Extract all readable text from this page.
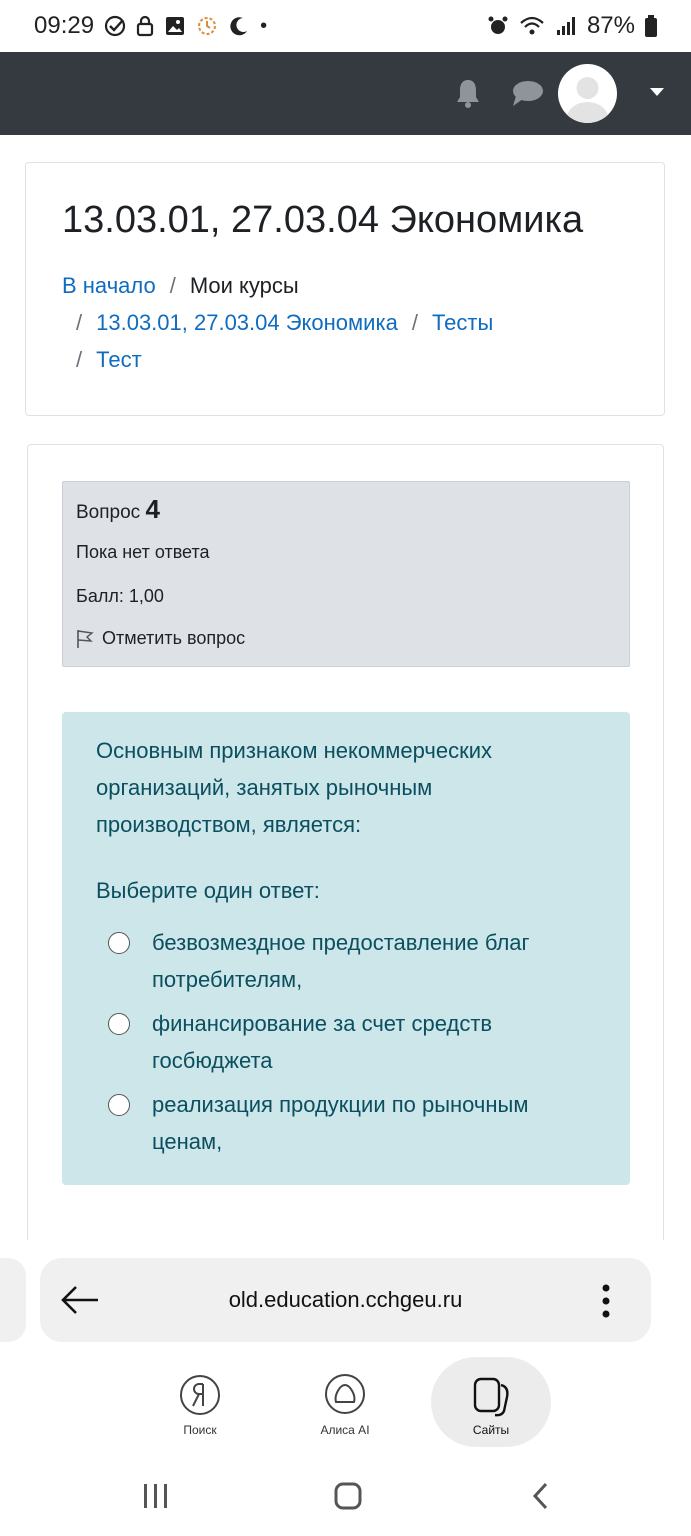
09:29	•	87%
13.03.01, 27.03.04 Экономика
В начало / Мои курсы
/ 13.03.01, 27.03.04 Экономика / Тесты
/ Тест
Вопрос 4
Пока нет ответа
Балл: 1,00
Отметить вопрос
Основным признаком некоммерческих организаций, занятых рыночным производством, является:
Выберите один ответ:
безвозмездное предоставление благ потребителям,
финансирование за счет средств госбюджета
реализация продукции по рыночным ценам,
old.education.cchgeu.ru
Поиск	Алиса AI	Сайты
